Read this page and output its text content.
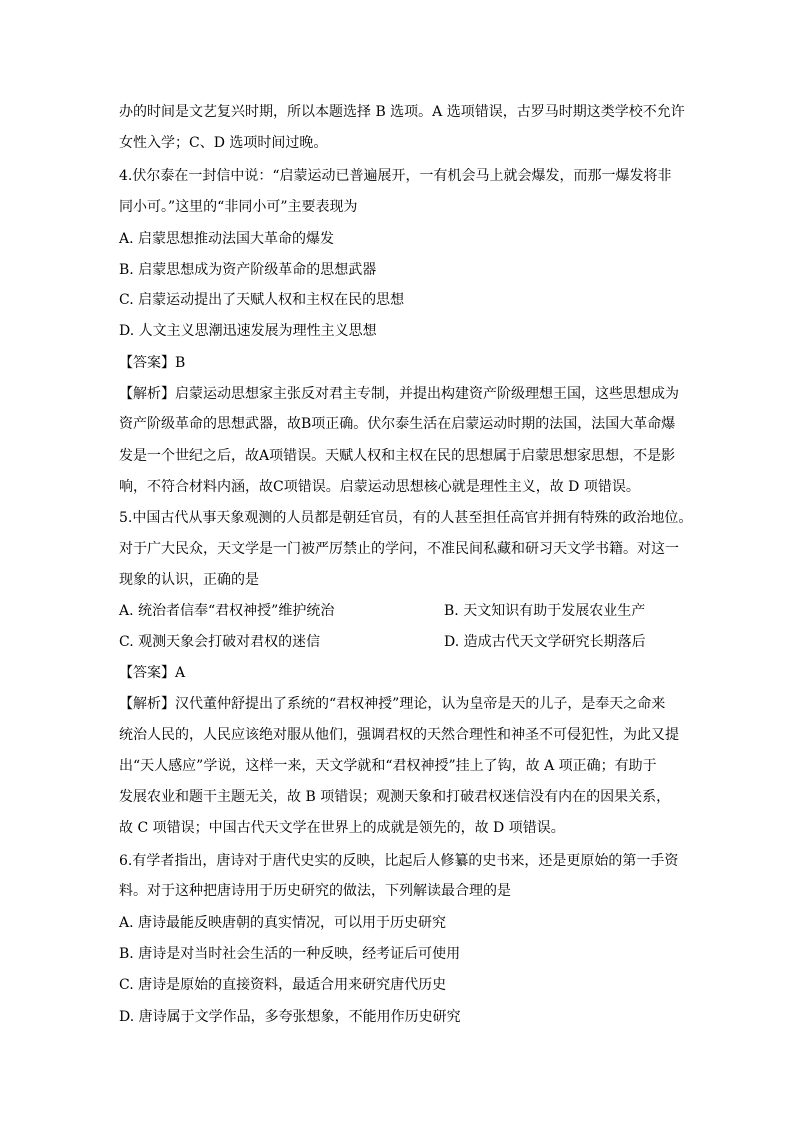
办的时间是文艺复兴时期，所以本题选择 B 选项。A 选项错误，古罗马时期这类学校不允许
女性入学；C、D 选项时间过晚。
4.伏尔泰在一封信中说：“启蒙运动已普遍展开，一有机会马上就会爆发，而那一爆发将非
同小可。”这里的“非同小可”主要表现为
A. 启蒙思想推动法国大革命的爆发
B. 启蒙思想成为资产阶级革命的思想武器
C. 启蒙运动提出了天赋人权和主权在民的思想
D. 人文主义思潮迅速发展为理性主义思想
【答案】B
【解析】启蒙运动思想家主张反对君主专制，并提出构建资产阶级理想王国，这些思想成为
资产阶级革命的思想武器，故B项正确。伏尔泰生活在启蒙运动时期的法国，法国大革命爆
发是一个世纪之后，故A项错误。天赋人权和主权在民的思想属于启蒙思想家思想，不是影
响，不符合材料内涵，故C项错误。启蒙运动思想核心就是理性主义，故 D 项错误。
5.中国古代从事天象观测的人员都是朝廷官员，有的人甚至担任高官并拥有特殊的政治地位。
对于广大民众，天文学是一门被严厉禁止的学问，不准民间私藏和研习天文学书籍。对这一
现象的认识，正确的是
A. 统治者信奉“君权神授”维护统治	B. 天文知识有助于发展农业生产
C. 观测天象会打破对君权的迷信	D. 造成古代天文学研究长期落后
【答案】A
【解析】汉代董仲舒提出了系统的“君权神授”理论，认为皇帝是天的儿子，是奉天之命来
统治人民的，人民应该绝对服从他们，强调君权的天然合理性和神圣不可侵犯性，为此又提
出“天人感应”学说，这样一来，天文学就和“君权神授”挂上了钩，故 A 项正确；有助于
发展农业和题干主题无关，故 B 项错误；观测天象和打破君权迷信没有内在的因果关系，
故 C 项错误；中国古代天文学在世界上的成就是领先的，故 D 项错误。
6.有学者指出，唐诗对于唐代史实的反映，比起后人修纂的史书来，还是更原始的第一手资
料。对于这种把唐诗用于历史研究的做法，下列解读最合理的是
A. 唐诗最能反映唐朝的真实情况，可以用于历史研究
B. 唐诗是对当时社会生活的一种反映，经考证后可使用
C. 唐诗是原始的直接资料，最适合用来研究唐代历史
D. 唐诗属于文学作品，多夸张想象，不能用作历史研究
